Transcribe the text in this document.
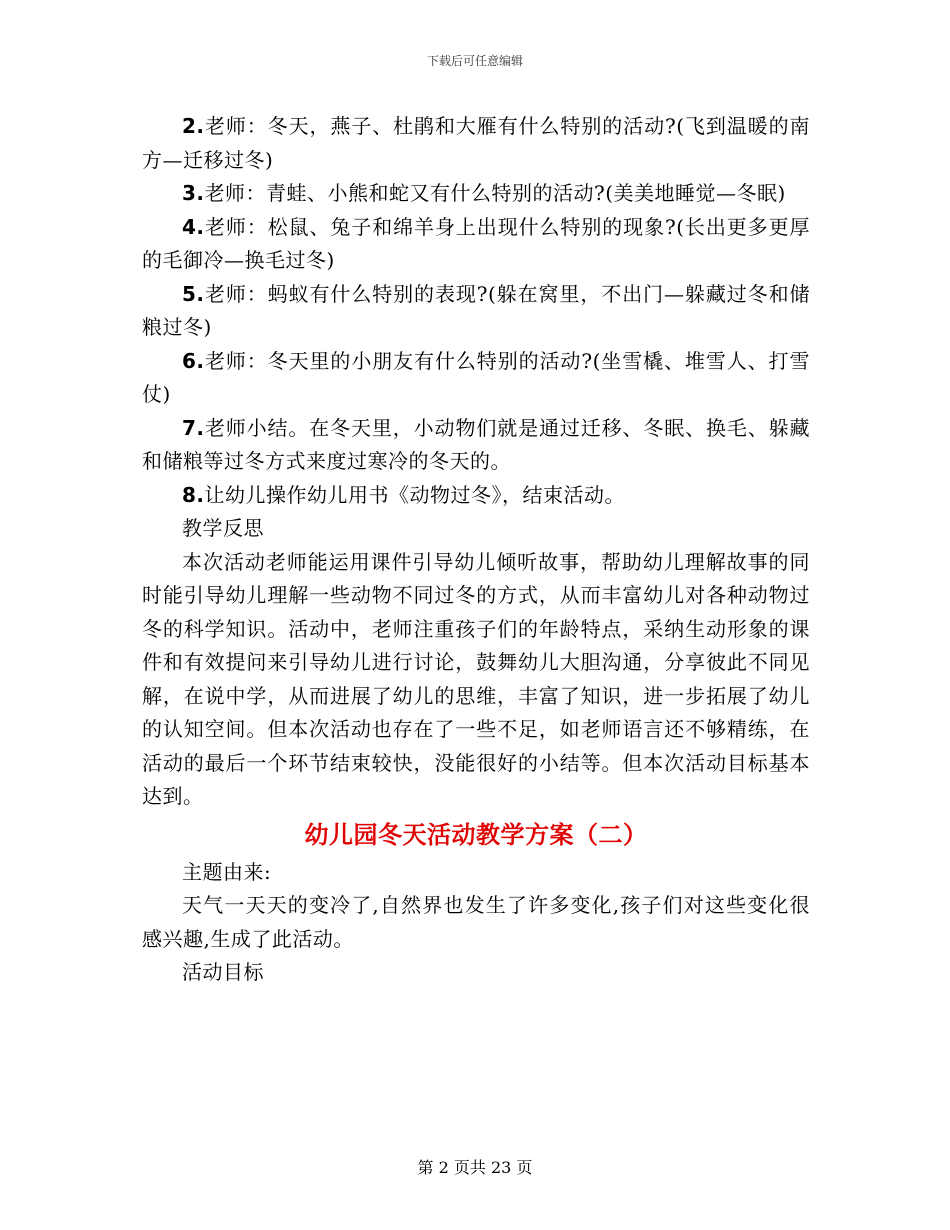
下载后可任意编辑

2.老师：冬天，燕子、杜鹃和大雁有什么特别的活动?(飞到温暖的南方—迁移过冬)

3.老师：青蛙、小熊和蛇又有什么特别的活动?(美美地睡觉—冬眠)

4.老师：松鼠、兔子和绵羊身上出现什么特别的现象?(长出更多更厚的毛御冷—换毛过冬)

5.老师：蚂蚁有什么特别的表现?(躲在窝里，不出门—躲藏过冬和储粮过冬)

6.老师：冬天里的小朋友有什么特别的活动?(坐雪橇、堆雪人、打雪仗)

7.老师小结。在冬天里，小动物们就是通过迁移、冬眠、换毛、躲藏和储粮等过冬方式来度过寒冷的冬天的。

8.让幼儿操作幼儿用书《动物过冬》，结束活动。

教学反思

本次活动老师能运用课件引导幼儿倾听故事，帮助幼儿理解故事的同时能引导幼儿理解一些动物不同过冬的方式，从而丰富幼儿对各种动物过冬的科学知识。活动中，老师注重孩子们的年龄特点，采纳生动形象的课件和有效提问来引导幼儿进行讨论，鼓舞幼儿大胆沟通，分享彼此不同见解，在说中学，从而进展了幼儿的思维，丰富了知识，进一步拓展了幼儿的认知空间。但本次活动也存在了一些不足，如老师语言还不够精练，在活动的最后一个环节结束较快，没能很好的小结等。但本次活动目标基本达到。

幼儿园冬天活动教学方案（二）

主题由来:

天气一天天的变冷了,自然界也发生了许多变化,孩子们对这些变化很感兴趣,生成了此活动。

活动目标

第 2 页共 23 页
